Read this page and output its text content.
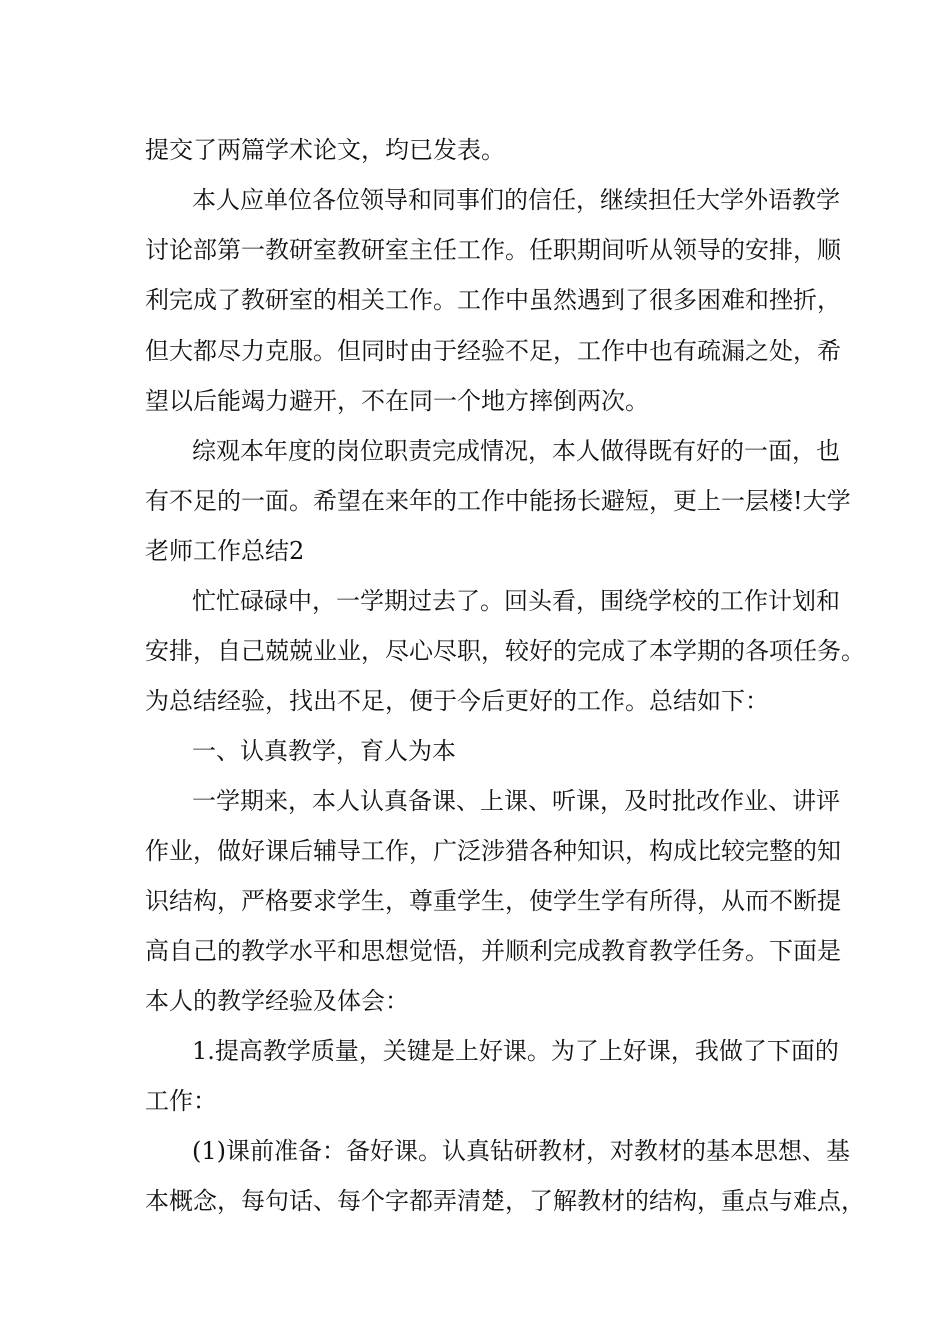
提交了两篇学术论文，均已发表。
本人应单位各位领导和同事们的信任，继续担任大学外语教学
讨论部第一教研室教研室主任工作。任职期间听从领导的安排，顺
利完成了教研室的相关工作。工作中虽然遇到了很多困难和挫折，
但大都尽力克服。但同时由于经验不足，工作中也有疏漏之处，希
望以后能竭力避开，不在同一个地方摔倒两次。
综观本年度的岗位职责完成情况，本人做得既有好的一面，也
有不足的一面。希望在来年的工作中能扬长避短，更上一层楼!大学
老师工作总结2
忙忙碌碌中，一学期过去了。回头看，围绕学校的工作计划和
安排，自己兢兢业业，尽心尽职，较好的完成了本学期的各项任务。
为总结经验，找出不足，便于今后更好的工作。总结如下：
一、认真教学，育人为本
一学期来，本人认真备课、上课、听课，及时批改作业、讲评
作业，做好课后辅导工作，广泛涉猎各种知识，构成比较完整的知
识结构，严格要求学生，尊重学生，使学生学有所得，从而不断提
高自己的教学水平和思想觉悟，并顺利完成教育教学任务。下面是
本人的教学经验及体会：
1.提高教学质量，关键是上好课。为了上好课，我做了下面的
工作：
(1)课前准备：备好课。认真钻研教材，对教材的基本思想、基
本概念，每句话、每个字都弄清楚，了解教材的结构，重点与难点，
